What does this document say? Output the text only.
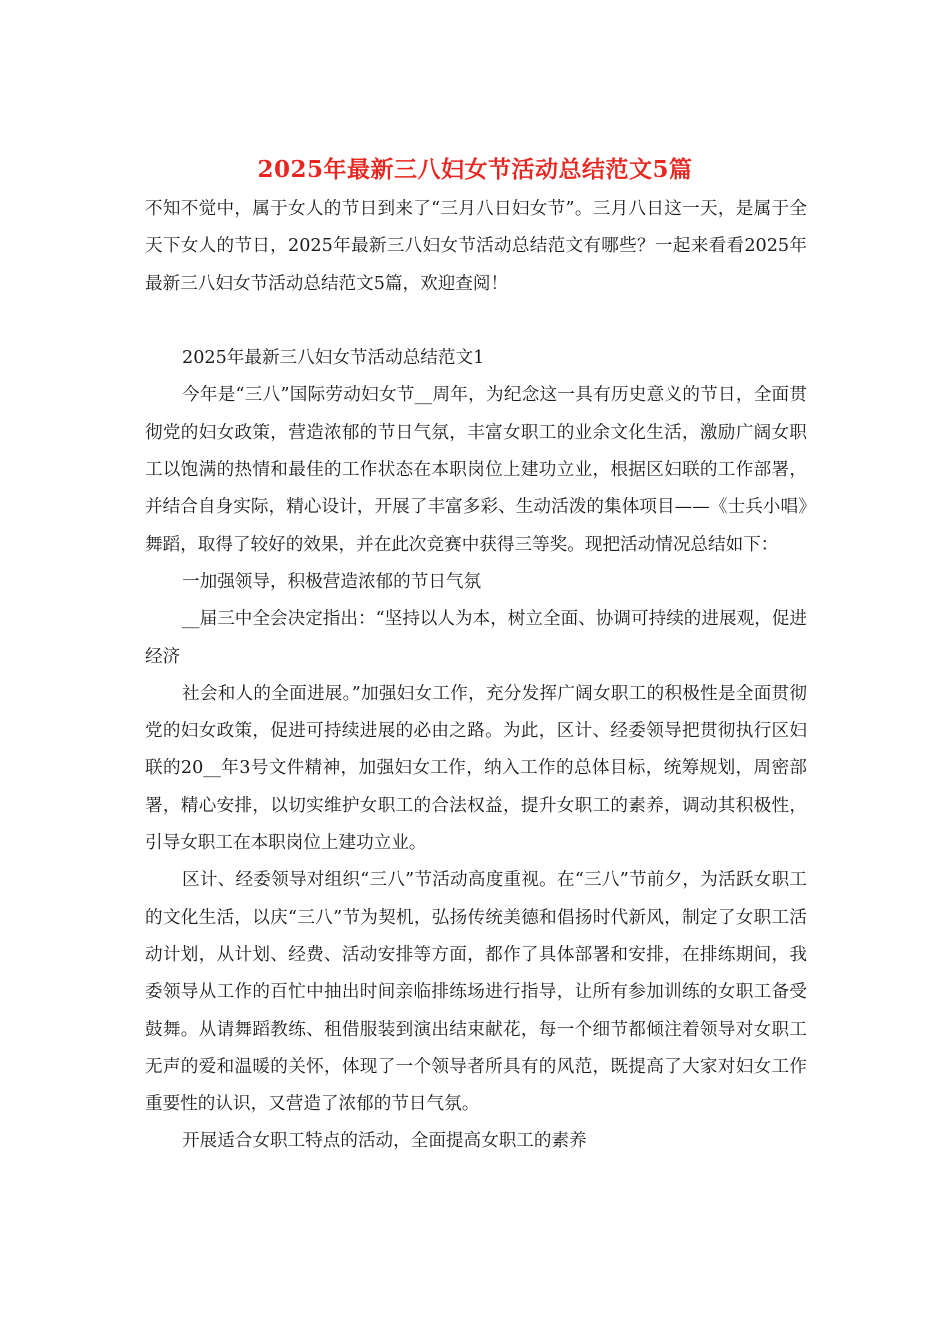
2025年最新三八妇女节活动总结范文5篇

不知不觉中，属于女人的节日到来了“三月八日妇女节”。三月八日这一天，是属于全天下女人的节日，2025年最新三八妇女节活动总结范文有哪些？一起来看看2025年最新三八妇女节活动总结范文5篇，欢迎查阅！

2025年最新三八妇女节活动总结范文1

今年是“三八”国际劳动妇女节__周年，为纪念这一具有历史意义的节日，全面贯彻党的妇女政策，营造浓郁的节日气氛，丰富女职工的业余文化生活，激励广阔女职工以饱满的热情和最佳的工作状态在本职岗位上建功立业，根据区妇联的工作部署，并结合自身实际，精心设计，开展了丰富多彩、生动活泼的集体项目——《士兵小唱》舞蹈，取得了较好的效果，并在此次竞赛中获得三等奖。现把活动情况总结如下：

一加强领导，积极营造浓郁的节日气氛

__届三中全会决定指出：“坚持以人为本，树立全面、协调可持续的进展观，促进经济

社会和人的全面进展。”加强妇女工作，充分发挥广阔女职工的积极性是全面贯彻党的妇女政策，促进可持续进展的必由之路。为此，区计、经委领导把贯彻执行区妇联的20__年3号文件精神，加强妇女工作，纳入工作的总体目标，统筹规划，周密部署，精心安排，以切实维护女职工的合法权益，提升女职工的素养，调动其积极性，引导女职工在本职岗位上建功立业。

区计、经委领导对组织“三八”节活动高度重视。在“三八”节前夕，为活跃女职工的文化生活，以庆“三八”节为契机，弘扬传统美德和倡扬时代新风，制定了女职工活动计划，从计划、经费、活动安排等方面，都作了具体部署和安排，在排练期间，我委领导从工作的百忙中抽出时间亲临排练场进行指导，让所有参加训练的女职工备受鼓舞。从请舞蹈教练、租借服装到演出结束献花，每一个细节都倾注着领导对女职工无声的爱和温暖的关怀，体现了一个领导者所具有的风范，既提高了大家对妇女工作重要性的认识，又营造了浓郁的节日气氛。

开展适合女职工特点的活动，全面提高女职工的素养
